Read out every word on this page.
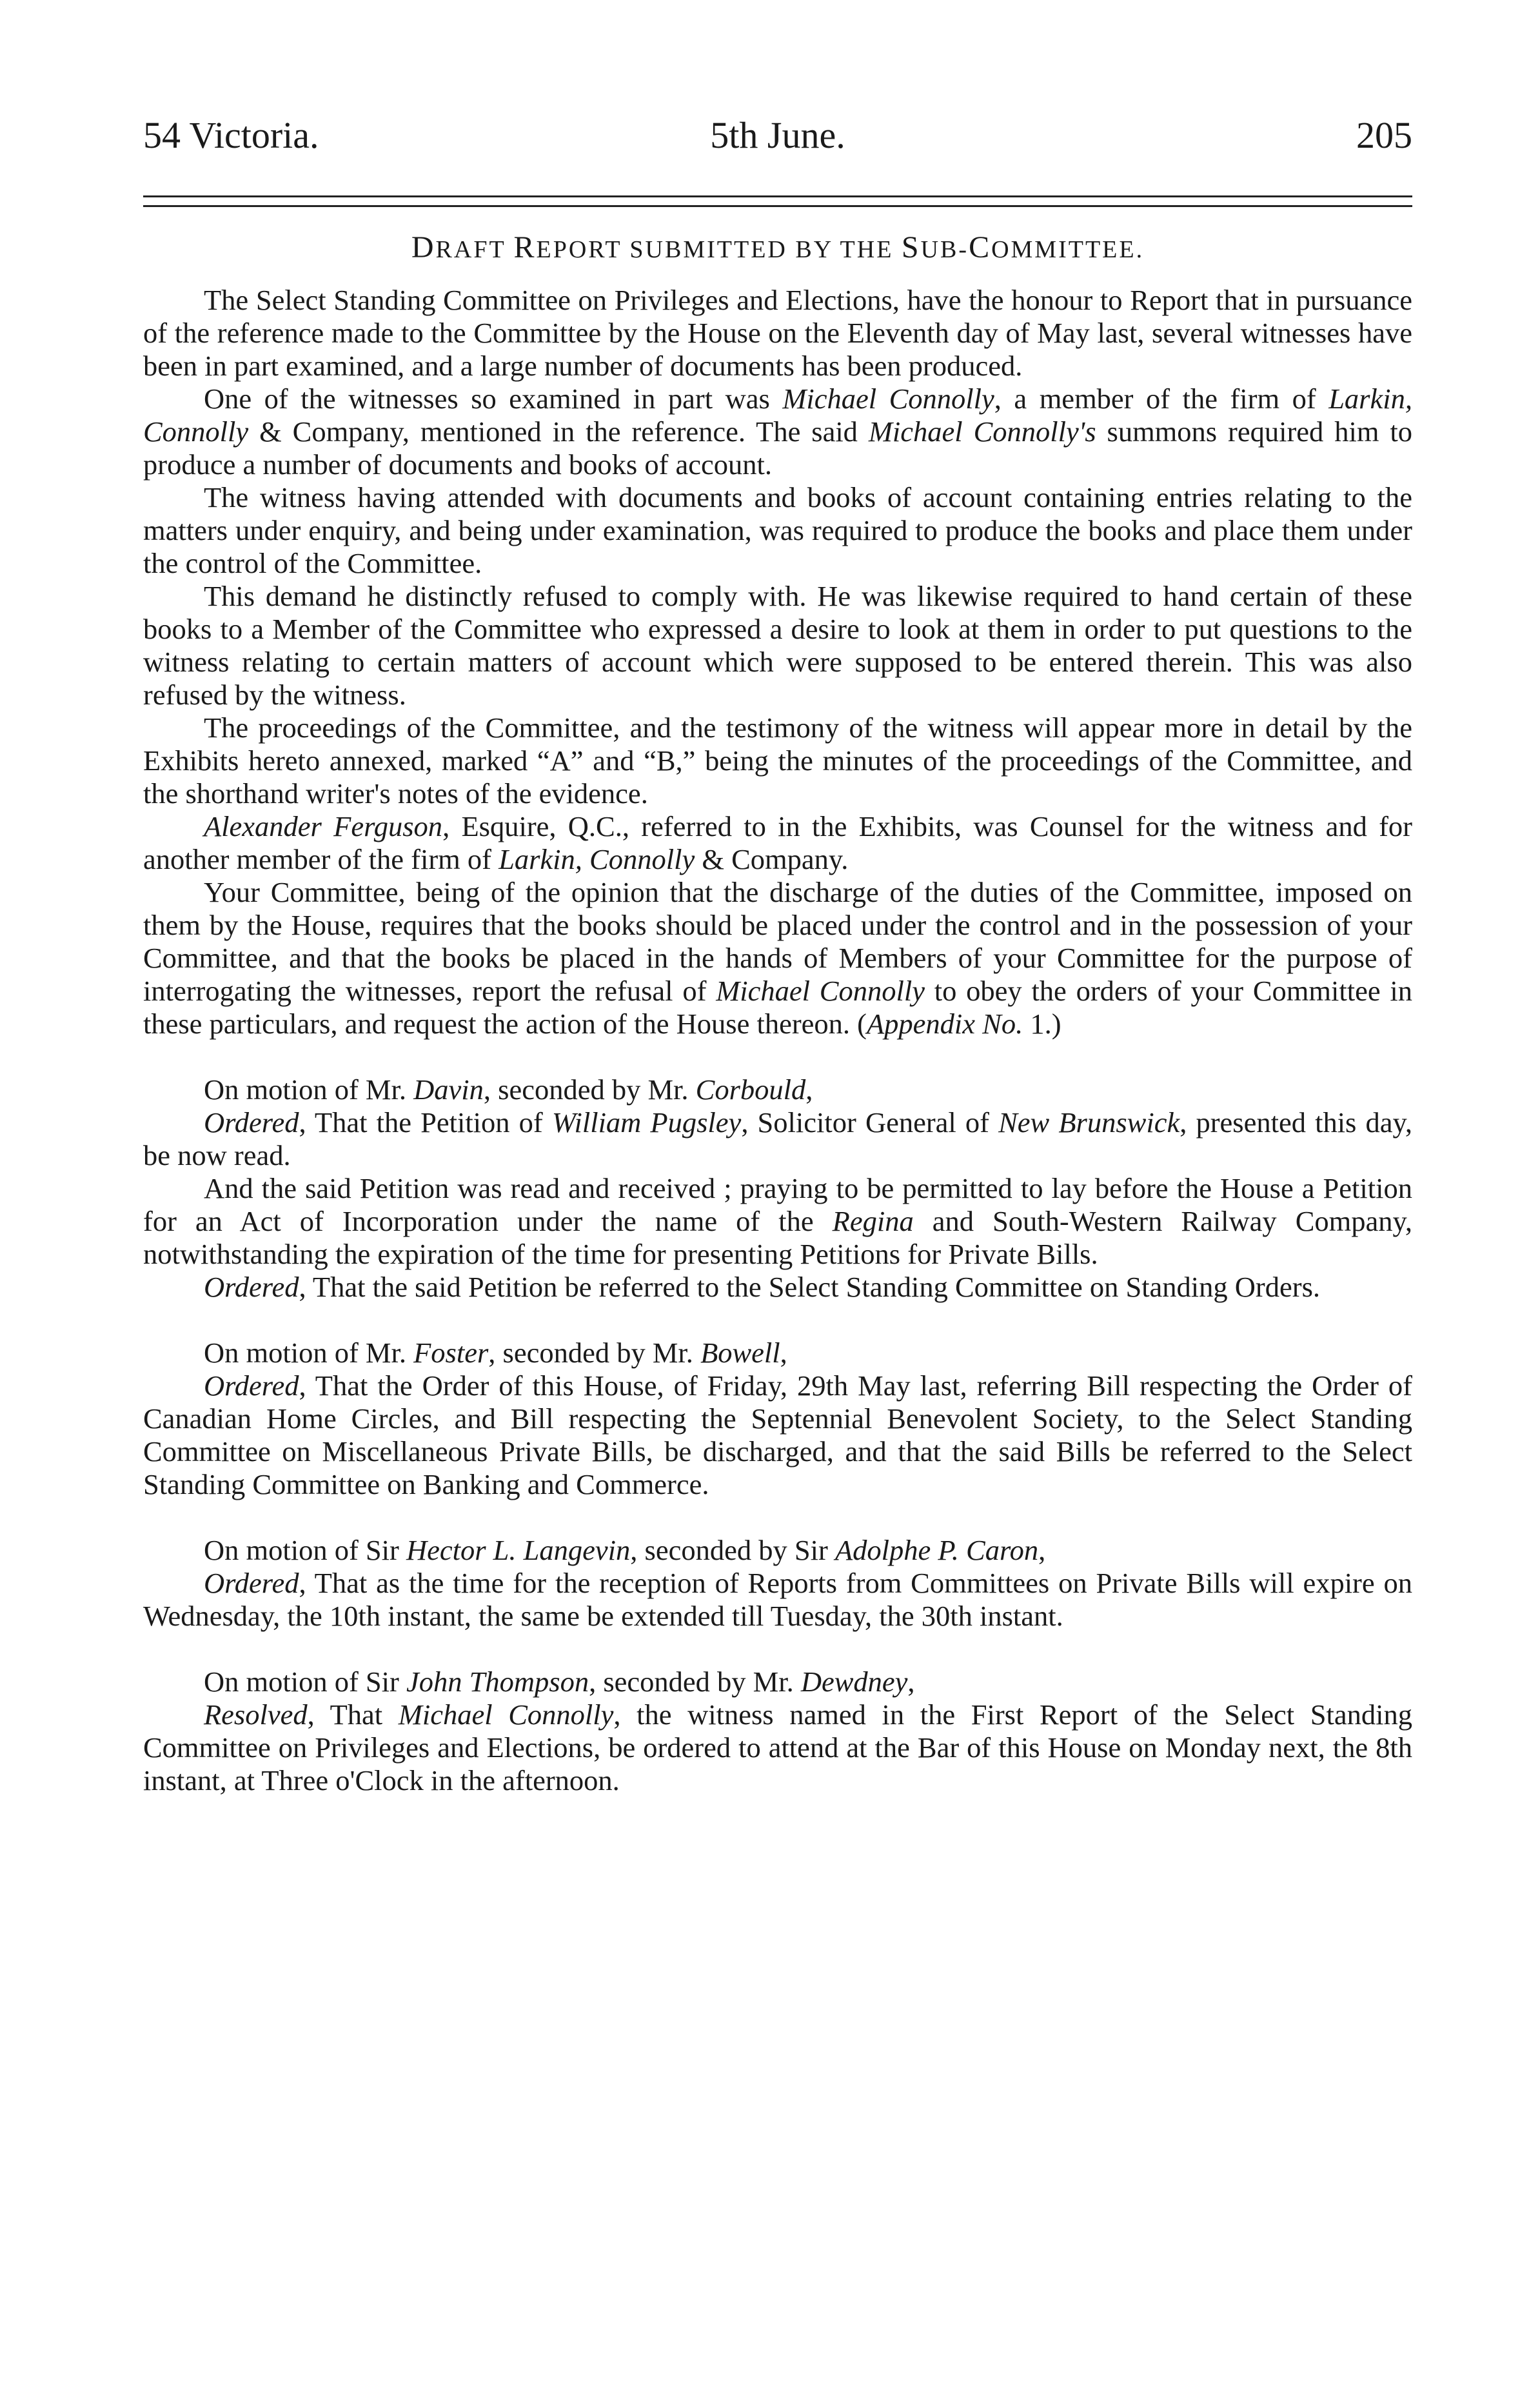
54 Victoria.	5th June.	205
DRAFT REPORT SUBMITTED BY THE SUB-COMMITTEE.

The Select Standing Committee on Privileges and Elections, have the honour to Report that in pursuance of the reference made to the Committee by the House on the Eleventh day of May last, several witnesses have been in part examined, and a large number of documents has been produced.

One of the witnesses so examined in part was Michael Connolly, a member of the firm of Larkin, Connolly & Company, mentioned in the reference. The said Michael Connolly's summons required him to produce a number of documents and books of account.

The witness having attended with documents and books of account containing entries relating to the matters under enquiry, and being under examination, was required to produce the books and place them under the control of the Committee.

This demand he distinctly refused to comply with. He was likewise required to hand certain of these books to a Member of the Committee who expressed a desire to look at them in order to put questions to the witness relating to certain matters of account which were supposed to be entered therein. This was also refused by the witness.

The proceedings of the Committee, and the testimony of the witness will appear more in detail by the Exhibits hereto annexed, marked “A” and “B,” being the minutes of the proceedings of the Committee, and the shorthand writer's notes of the evidence.

Alexander Ferguson, Esquire, Q.C., referred to in the Exhibits, was Counsel for the witness and for another member of the firm of Larkin, Connolly & Company.

Your Committee, being of the opinion that the discharge of the duties of the Committee, imposed on them by the House, requires that the books should be placed under the control and in the possession of your Committee, and that the books be placed in the hands of Members of your Committee for the purpose of interrogating the witnesses, report the refusal of Michael Connolly to obey the orders of your Committee in these particulars, and request the action of the House thereon. (Appendix No. 1.)

On motion of Mr. Davin, seconded by Mr. Corbould,

Ordered, That the Petition of William Pugsley, Solicitor General of New Brunswick, presented this day, be now read.

And the said Petition was read and received ; praying to be permitted to lay before the House a Petition for an Act of Incorporation under the name of the Regina and South-Western Railway Company, notwithstanding the expiration of the time for presenting Petitions for Private Bills.

Ordered, That the said Petition be referred to the Select Standing Committee on Standing Orders.

On motion of Mr. Foster, seconded by Mr. Bowell,

Ordered, That the Order of this House, of Friday, 29th May last, referring Bill respecting the Order of Canadian Home Circles, and Bill respecting the Septennial Benevolent Society, to the Select Standing Committee on Miscellaneous Private Bills, be discharged, and that the said Bills be referred to the Select Standing Committee on Banking and Commerce.

On motion of Sir Hector L. Langevin, seconded by Sir Adolphe P. Caron,

Ordered, That as the time for the reception of Reports from Committees on Private Bills will expire on Wednesday, the 10th instant, the same be extended till Tuesday, the 30th instant.

On motion of Sir John Thompson, seconded by Mr. Dewdney,

Resolved, That Michael Connolly, the witness named in the First Report of the Select Standing Committee on Privileges and Elections, be ordered to attend at the Bar of this House on Monday next, the 8th instant, at Three o'Clock in the afternoon.
